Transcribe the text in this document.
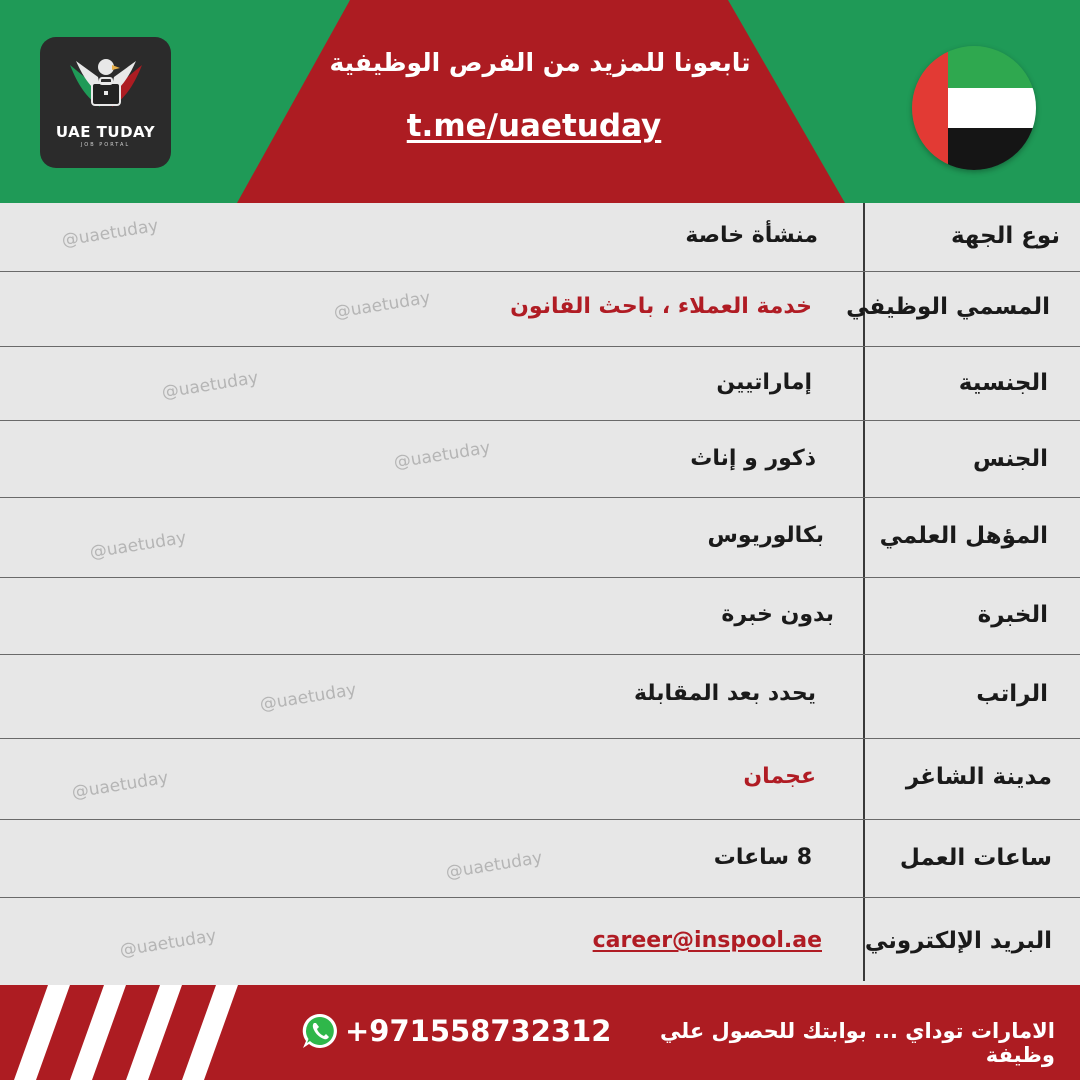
UAE TUDAY
JOB PORTAL
تابعونا للمزيد من الفرص الوظيفية
t.me/uaetuday
@uaetuday
@uaetuday
@uaetuday
@uaetuday
@uaetuday
@uaetuday
@uaetuday
@uaetuday
@uaetuday
نوع الجهة
منشأة خاصة
المسمي الوظيفي
خدمة العملاء ، باحث القانون
الجنسية
إماراتيين
الجنس
ذكور و إناث
المؤهل العلمي
بكالوريوس
الخبرة
بدون خبرة
الراتب
يحدد بعد المقابلة
مدينة الشاغر
عجمان
ساعات العمل
8 ساعات
البريد الإلكتروني
career@inspool.ae
+971558732312	الامارات توداي ... بوابتك للحصول علي وظيفة
